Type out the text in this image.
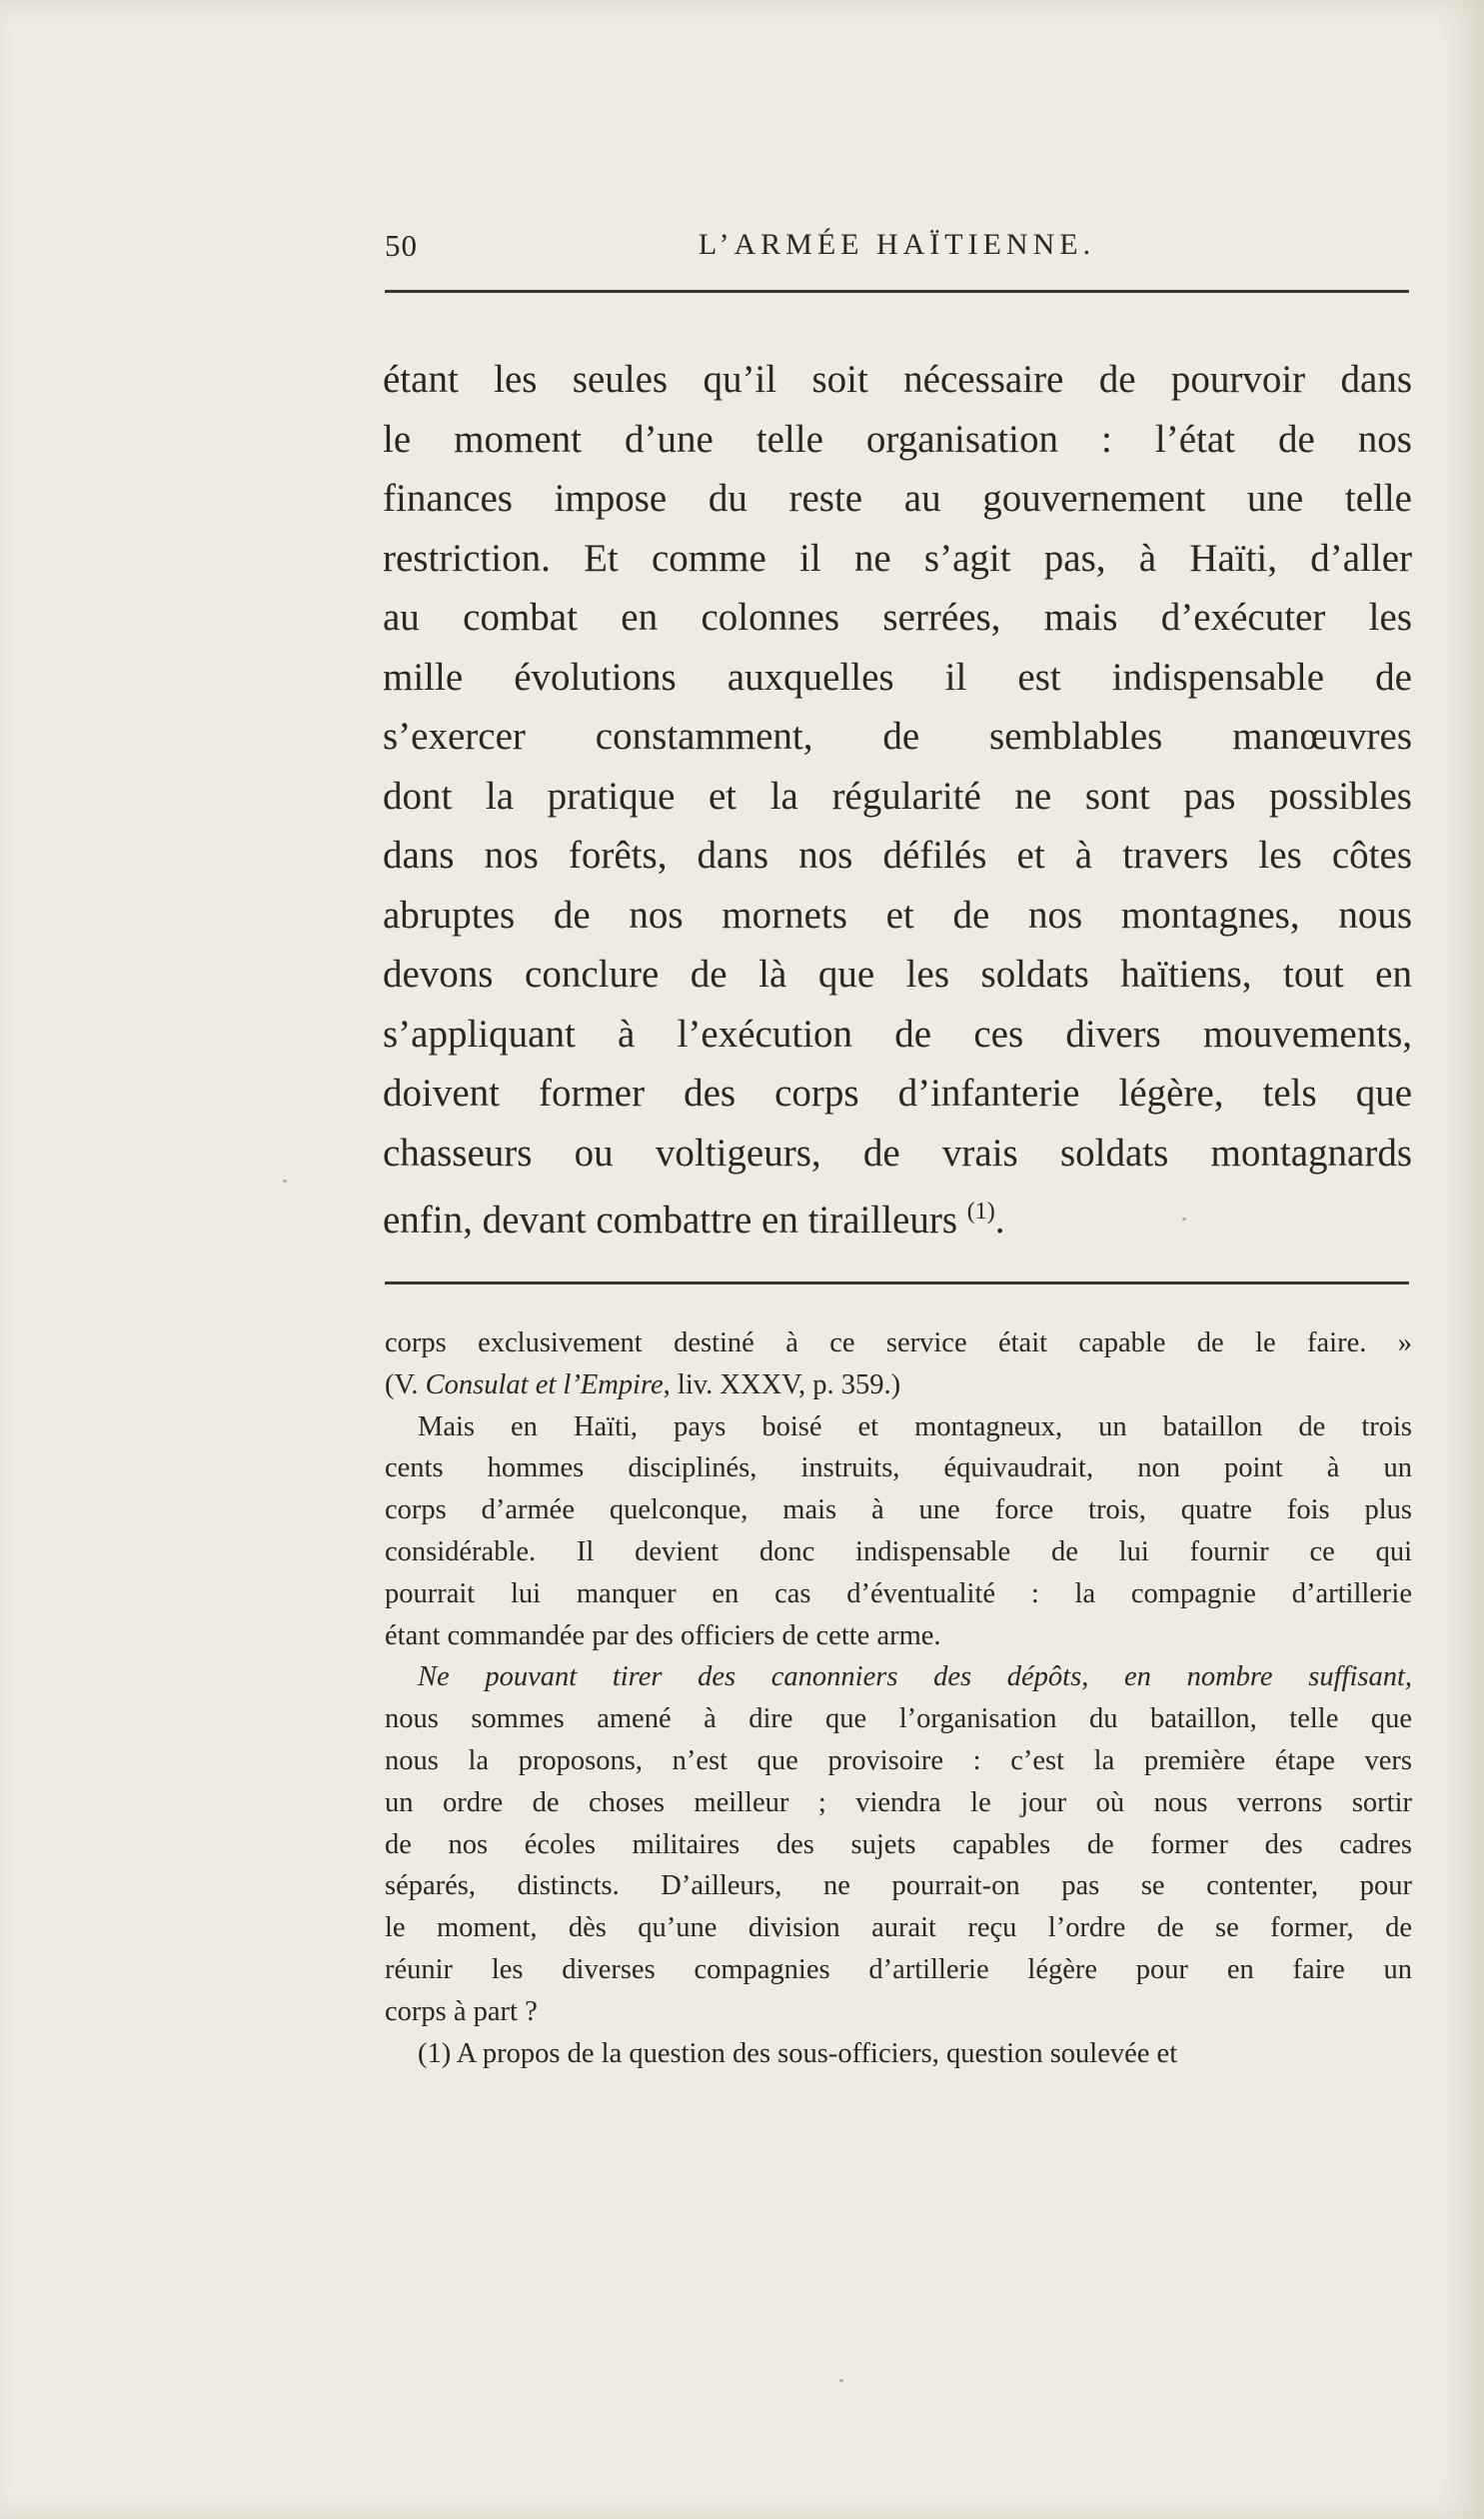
50	L’ARMÉE HAÏTIENNE.
étant les seules qu’il soit nécessaire de pourvoir dans
le moment d’une telle organisation : l’état de nos
finances impose du reste au gouvernement une telle
restriction. Et comme il ne s’agit pas, à Haïti, d’aller
au combat en colonnes serrées, mais d’exécuter les
mille évolutions auxquelles il est indispensable de
s’exercer constamment, de semblables manœuvres
dont la pratique et la régularité ne sont pas possibles
dans nos forêts, dans nos défilés et à travers les côtes
abruptes de nos mornets et de nos montagnes, nous
devons conclure de là que les soldats haïtiens, tout en
s’appliquant à l’exécution de ces divers mouvements,
doivent former des corps d’infanterie légère, tels que
chasseurs ou voltigeurs, de vrais soldats montagnards
enfin, devant combattre en tirailleurs $^{(1)}$.
corps exclusivement destiné à ce service était capable de le faire. »
(V. Consulat et l’Empire, liv. XXXV, p. 359.)
Mais en Haïti, pays boisé et montagneux, un bataillon de trois
cents hommes disciplinés, instruits, équivaudrait, non point à un
corps d’armée quelconque, mais à une force trois, quatre fois plus
considérable. Il devient donc indispensable de lui fournir ce qui
pourrait lui manquer en cas d’éventualité : la compagnie d’artillerie
étant commandée par des officiers de cette arme.
Ne pouvant tirer des canonniers des dépôts, en nombre suffisant,
nous sommes amené à dire que l’organisation du bataillon, telle que
nous la proposons, n’est que provisoire : c’est la première étape vers
un ordre de choses meilleur ; viendra le jour où nous verrons sortir
de nos écoles militaires des sujets capables de former des cadres
séparés, distincts. D’ailleurs, ne pourrait-on pas se contenter, pour
le moment, dès qu’une division aurait reçu l’ordre de se former, de
réunir les diverses compagnies d’artillerie légère pour en faire un
corps à part ?
(1) A propos de la question des sous-officiers, question soulevée et
